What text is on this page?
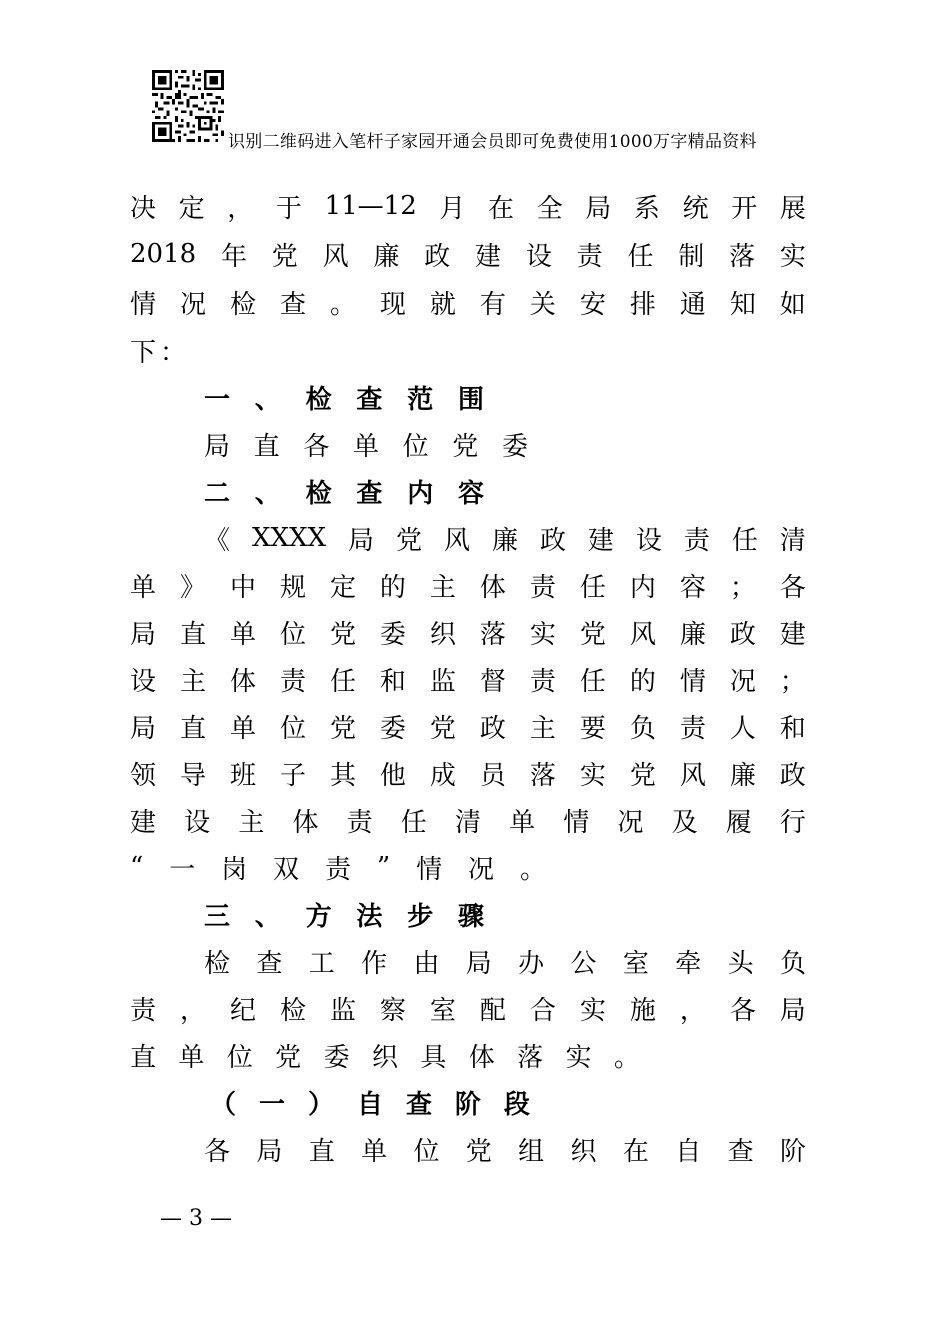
识别二维码进入笔杆子家园开通会员即可免费使用1000万字精品资料
决 定 ， 于 11—12 月 在 全 局 系 统 开 展
2018 年 党 风 廉 政 建 设 责 任 制 落 实
情 况 检 查 。 现 就 有 关 安 排 通 知 如
下 ：
一 、 检 查 范 围
局 直 各 单 位 党 委
二 、 检 查 内 容
《 XXXX 局 党 风 廉 政 建 设 责 任 清
单 》 中 规 定 的 主 体 责 任 内 容 ； 各
局 直 单 位 党 委 织 落 实 党 风 廉 政 建
设 主 体 责 任 和 监 督 责 任 的 情 况 ；
局 直 单 位 党 委 党 政 主 要 负 责 人 和
领 导 班 子 其 他 成 员 落 实 党 风 廉 政
建 设 主 体 责 任 清 单 情 况 及 履 行
“ 一 岗 双 责 ” 情 况 。
三 、 方 法 步 骤
检 查 工 作 由 局 办 公 室 牵 头 负
责 ， 纪 检 监 察 室 配 合 实 施 ， 各 局
直 单 位 党 委 织 具 体 落 实 。
（ 一 ） 自 查 阶 段
各 局 直 单 位 党 组 织 在 自 查 阶
— 3 —
